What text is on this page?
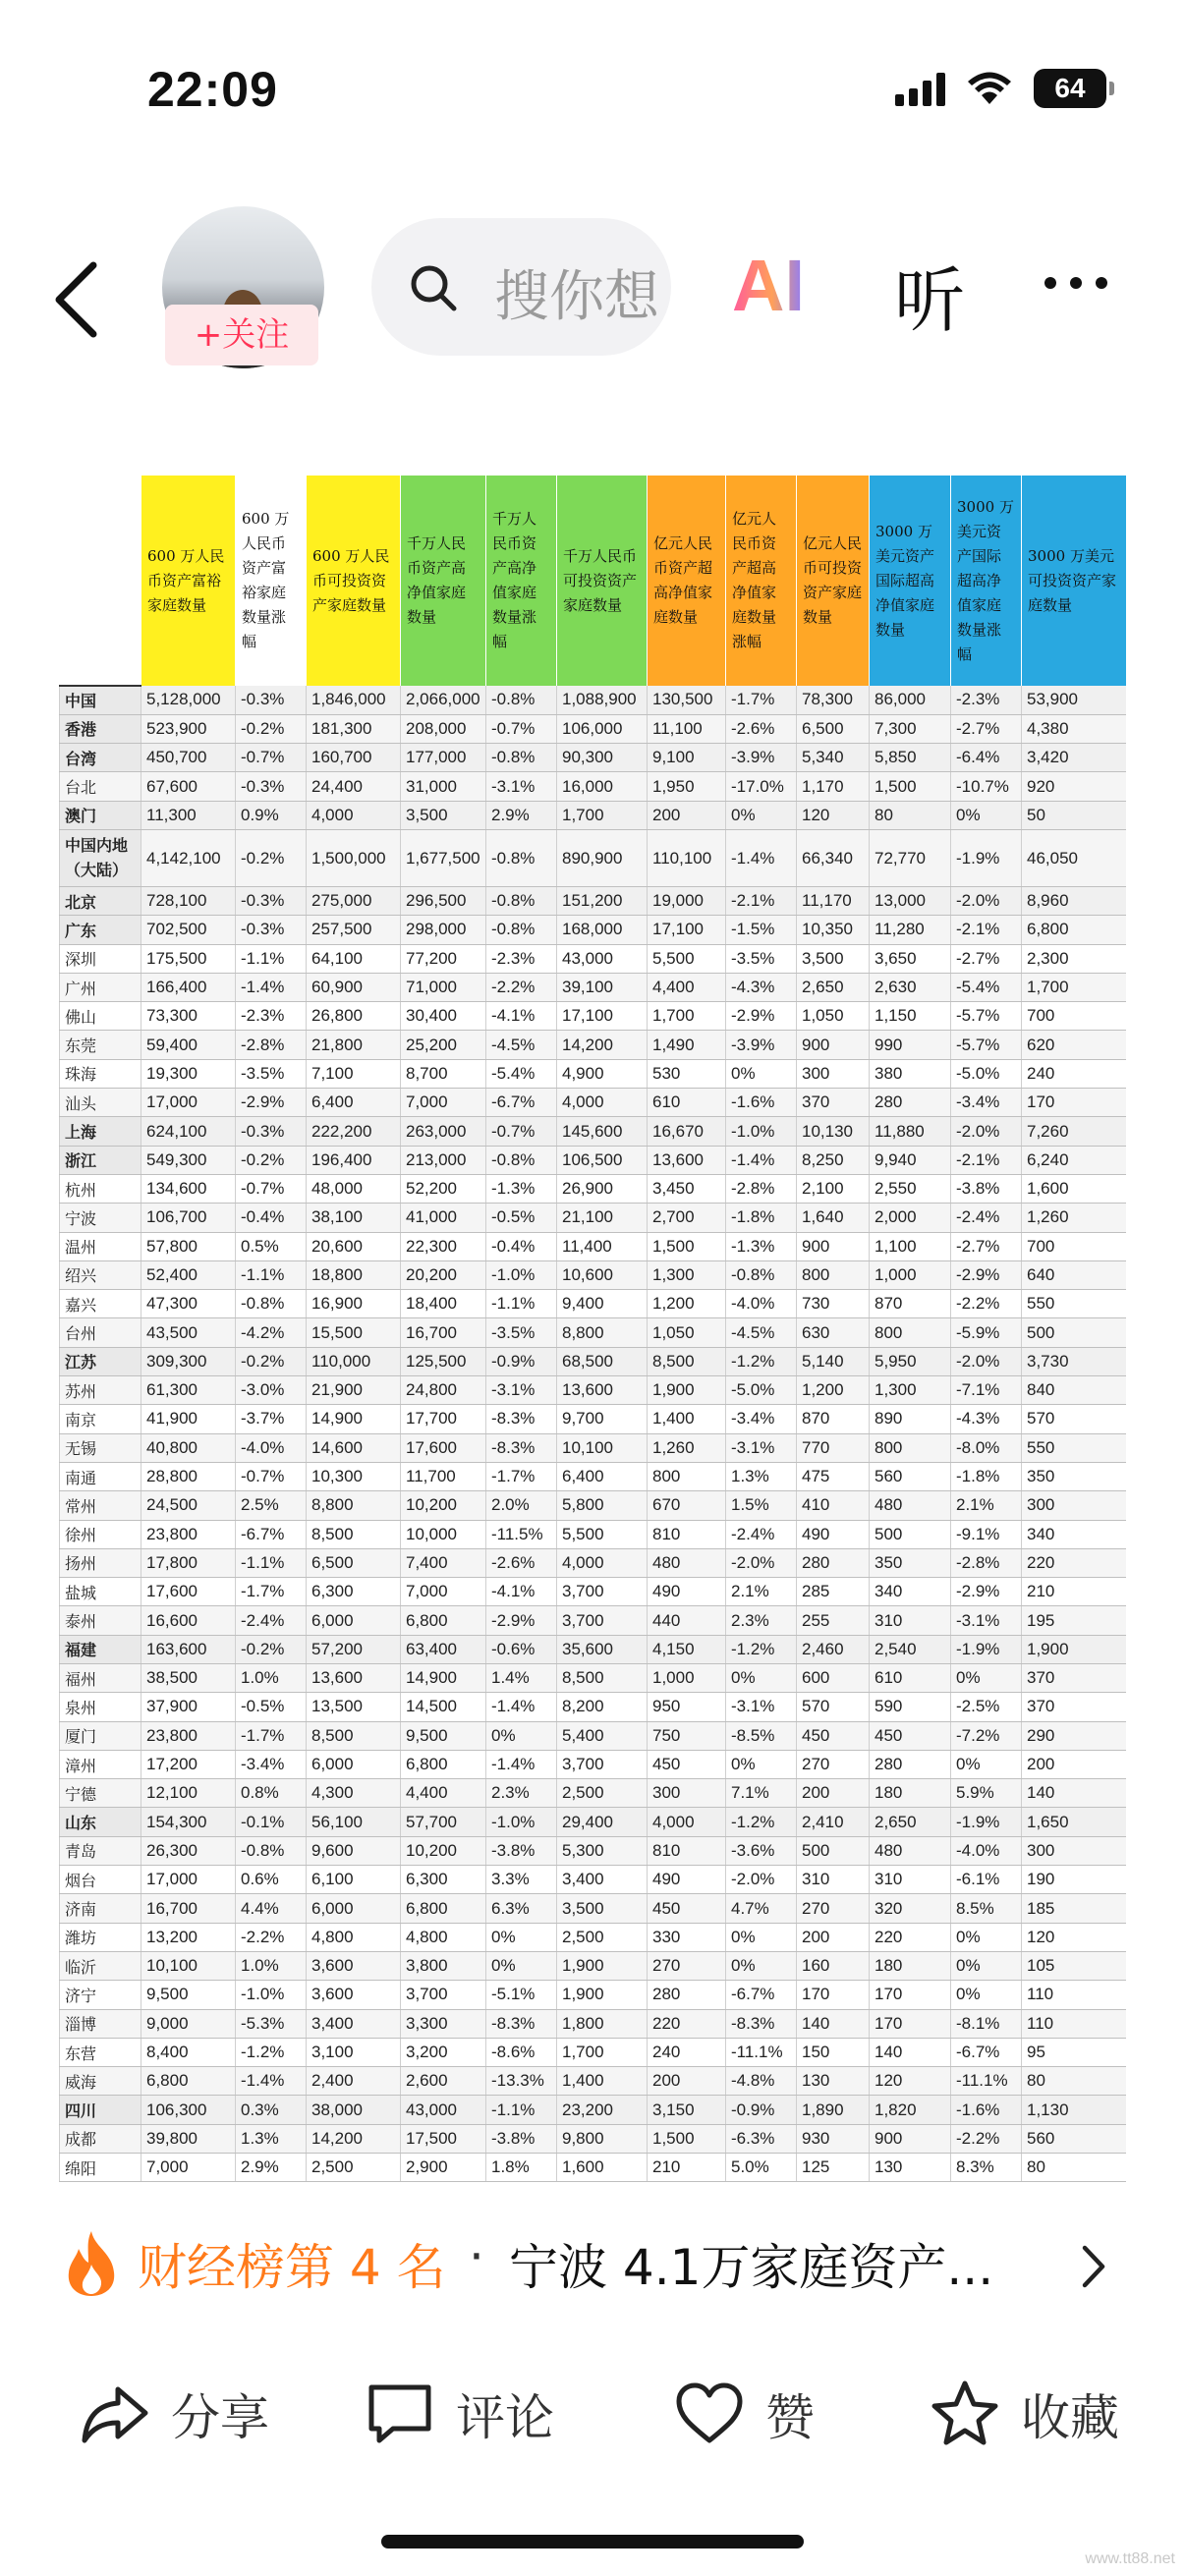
22:09	64
+关注
搜你想 AI 听
	600 万人民币资产富裕家庭数量	600 万人民币资产富裕家庭数量涨幅	600 万人民币可投资资产家庭数量	千万人民币资产高净值家庭数量	千万人民币资产高净值家庭数量涨幅	千万人民币可投资资产家庭数量	亿元人民币资产超高净值家庭数量	亿元人民币资产超高净值家庭数量涨幅	亿元人民币可投资资产家庭数量	3000 万美元资产国际超高净值家庭数量	3000 万美元资产国际超高净值家庭数量涨幅	3000 万美元可投资资产家庭数量
中国	5,128,000	-0.3%	1,846,000	2,066,000	-0.8%	1,088,900	130,500	-1.7%	78,300	86,000	-2.3%	53,900
香港	523,900	-0.2%	181,300	208,000	-0.7%	106,000	11,100	-2.6%	6,500	7,300	-2.7%	4,380
台湾	450,700	-0.7%	160,700	177,000	-0.8%	90,300	9,100	-3.9%	5,340	5,850	-6.4%	3,420
台北	67,600	-0.3%	24,400	31,000	-3.1%	16,000	1,950	-17.0%	1,170	1,500	-10.7%	920
澳门	11,300	0.9%	4,000	3,500	2.9%	1,700	200	0%	120	80	0%	50
中国内地（大陆）	4,142,100	-0.2%	1,500,000	1,677,500	-0.8%	890,900	110,100	-1.4%	66,340	72,770	-1.9%	46,050
北京	728,100	-0.3%	275,000	296,500	-0.8%	151,200	19,000	-2.1%	11,170	13,000	-2.0%	8,960
广东	702,500	-0.3%	257,500	298,000	-0.8%	168,000	17,100	-1.5%	10,350	11,280	-2.1%	6,800
深圳	175,500	-1.1%	64,100	77,200	-2.3%	43,000	5,500	-3.5%	3,500	3,650	-2.7%	2,300
广州	166,400	-1.4%	60,900	71,000	-2.2%	39,100	4,400	-4.3%	2,650	2,630	-5.4%	1,700
佛山	73,300	-2.3%	26,800	30,400	-4.1%	17,100	1,700	-2.9%	1,050	1,150	-5.7%	700
东莞	59,400	-2.8%	21,800	25,200	-4.5%	14,200	1,490	-3.9%	900	990	-5.7%	620
珠海	19,300	-3.5%	7,100	8,700	-5.4%	4,900	530	0%	300	380	-5.0%	240
汕头	17,000	-2.9%	6,400	7,000	-6.7%	4,000	610	-1.6%	370	280	-3.4%	170
上海	624,100	-0.3%	222,200	263,000	-0.7%	145,600	16,670	-1.0%	10,130	11,880	-2.0%	7,260
浙江	549,300	-0.2%	196,400	213,000	-0.8%	106,500	13,600	-1.4%	8,250	9,940	-2.1%	6,240
杭州	134,600	-0.7%	48,000	52,200	-1.3%	26,900	3,450	-2.8%	2,100	2,550	-3.8%	1,600
宁波	106,700	-0.4%	38,100	41,000	-0.5%	21,100	2,700	-1.8%	1,640	2,000	-2.4%	1,260
温州	57,800	0.5%	20,600	22,300	-0.4%	11,400	1,500	-1.3%	900	1,100	-2.7%	700
绍兴	52,400	-1.1%	18,800	20,200	-1.0%	10,600	1,300	-0.8%	800	1,000	-2.9%	640
嘉兴	47,300	-0.8%	16,900	18,400	-1.1%	9,400	1,200	-4.0%	730	870	-2.2%	550
台州	43,500	-4.2%	15,500	16,700	-3.5%	8,800	1,050	-4.5%	630	800	-5.9%	500
江苏	309,300	-0.2%	110,000	125,500	-0.9%	68,500	8,500	-1.2%	5,140	5,950	-2.0%	3,730
苏州	61,300	-3.0%	21,900	24,800	-3.1%	13,600	1,900	-5.0%	1,200	1,300	-7.1%	840
南京	41,900	-3.7%	14,900	17,700	-8.3%	9,700	1,400	-3.4%	870	890	-4.3%	570
无锡	40,800	-4.0%	14,600	17,600	-8.3%	10,100	1,260	-3.1%	770	800	-8.0%	550
南通	28,800	-0.7%	10,300	11,700	-1.7%	6,400	800	1.3%	475	560	-1.8%	350
常州	24,500	2.5%	8,800	10,200	2.0%	5,800	670	1.5%	410	480	2.1%	300
徐州	23,800	-6.7%	8,500	10,000	-11.5%	5,500	810	-2.4%	490	500	-9.1%	340
扬州	17,800	-1.1%	6,500	7,400	-2.6%	4,000	480	-2.0%	280	350	-2.8%	220
盐城	17,600	-1.7%	6,300	7,000	-4.1%	3,700	490	2.1%	285	340	-2.9%	210
泰州	16,600	-2.4%	6,000	6,800	-2.9%	3,700	440	2.3%	255	310	-3.1%	195
福建	163,600	-0.2%	57,200	63,400	-0.6%	35,600	4,150	-1.2%	2,460	2,540	-1.9%	1,900
福州	38,500	1.0%	13,600	14,900	1.4%	8,500	1,000	0%	600	610	0%	370
泉州	37,900	-0.5%	13,500	14,500	-1.4%	8,200	950	-3.1%	570	590	-2.5%	370
厦门	23,800	-1.7%	8,500	9,500	0%	5,400	750	-8.5%	450	450	-7.2%	290
漳州	17,200	-3.4%	6,000	6,800	-1.4%	3,700	450	0%	270	280	0%	200
宁德	12,100	0.8%	4,300	4,400	2.3%	2,500	300	7.1%	200	180	5.9%	140
山东	154,300	-0.1%	56,100	57,700	-1.0%	29,400	4,000	-1.2%	2,410	2,650	-1.9%	1,650
青岛	26,300	-0.8%	9,600	10,200	-3.8%	5,300	810	-3.6%	500	480	-4.0%	300
烟台	17,000	0.6%	6,100	6,300	3.3%	3,400	490	-2.0%	310	310	-6.1%	190
济南	16,700	4.4%	6,000	6,800	6.3%	3,500	450	4.7%	270	320	8.5%	185
潍坊	13,200	-2.2%	4,800	4,800	0%	2,500	330	0%	200	220	0%	120
临沂	10,100	1.0%	3,600	3,800	0%	1,900	270	0%	160	180	0%	105
济宁	9,500	-1.0%	3,600	3,700	-5.1%	1,900	280	-6.7%	170	170	0%	110
淄博	9,000	-5.3%	3,400	3,300	-8.3%	1,800	220	-8.3%	140	170	-8.1%	110
东营	8,400	-1.2%	3,100	3,200	-8.6%	1,700	240	-11.1%	150	140	-6.7%	95
威海	6,800	-1.4%	2,400	2,600	-13.3%	1,400	200	-4.8%	130	120	-11.1%	80
四川	106,300	0.3%	38,000	43,000	-1.1%	23,200	3,150	-0.9%	1,890	1,820	-1.6%	1,130
成都	39,800	1.3%	14,200	17,500	-3.8%	9,800	1,500	-6.3%	930	900	-2.2%	560
绵阳	7,000	2.9%	2,500	2,900	1.8%	1,600	210	5.0%	125	130	8.3%	80
财经榜第 4 名 · 宁波 4.1万家庭资产...
分享	评论	赞	收藏
www.tt88.net
